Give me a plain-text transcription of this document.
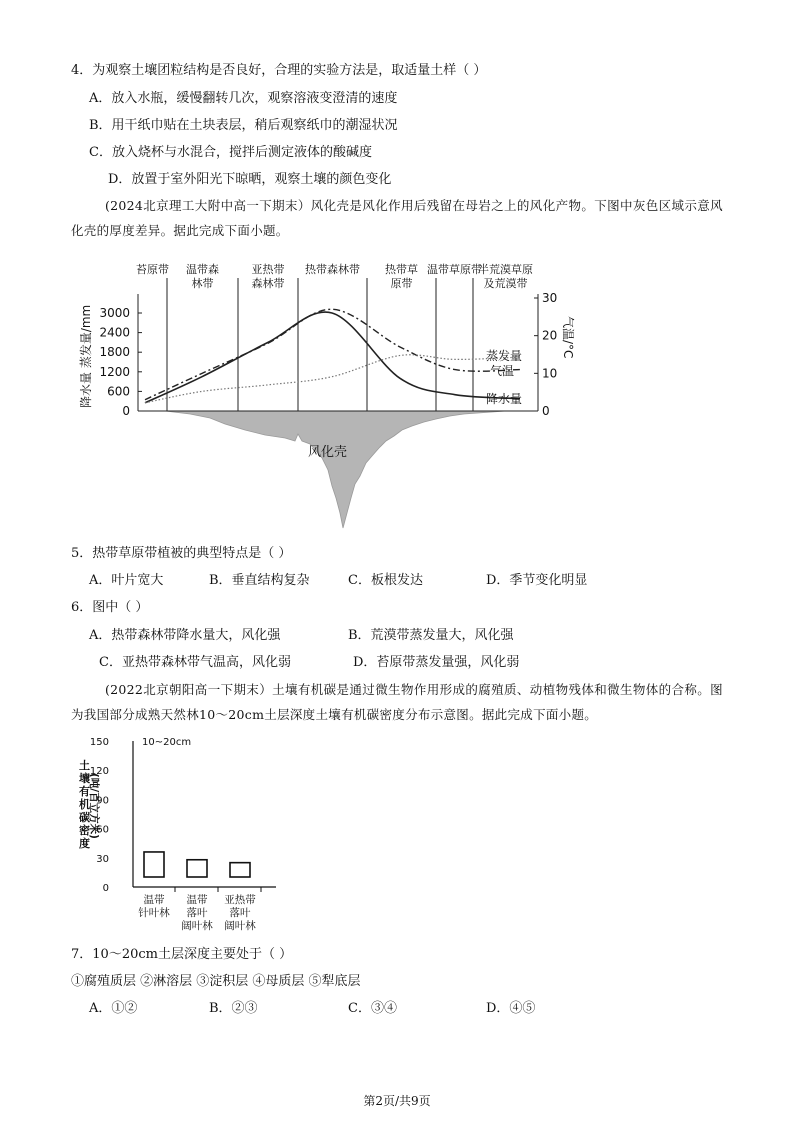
4．为观察土壤团粒结构是否良好，合理的实验方法是，取适量土样（ ）
A．放入水瓶，缓慢翻转几次，观察溶液变澄清的速度
B．用干纸巾贴在土块表层，稍后观察纸巾的潮湿状况
C．放入烧杯与水混合，搅拌后测定液体的酸碱度
D．放置于室外阳光下晾晒，观察土壤的颜色变化
(2024北京理工大附中高一下期末）风化壳是风化作用后残留在母岩之上的风化产物。下图中灰色区域示意风化壳的厚度差异。据此完成下面小题。
苔原带 温带森
林带
亚热带
森林带
热带森林带 热带草
原带
温带草原带
半荒漠草原
及荒漠带
3000
2400
1800
1200
600
0
30
20
10
0
降水量 蒸发量/mm	气温/°C
蒸发量
气温
降水量
风化壳
5．热带草原带植被的典型特点是（ ）
A．叶片宽大	B．垂直结构复杂	C．板根发达	D．季节变化明显
6．图中（ ）
A．热带森林带降水量大，风化强	B．荒漠带蒸发量大，风化强
C．亚热带森林带气温高，风化弱	D．苔原带蒸发量强，风化弱
(2022北京朝阳高一下期末）土壤有机碳是通过微生物作用形成的腐殖质、动植物残体和微生物体的合称。图为我国部分成熟天然林10～20cm土层深度土壤有机碳密度分布示意图。据此完成下面小题。
10~20cm
150
120
90
60
30
0
温带
针叶林
温带
落叶
阔叶林
亚热带
落叶
阔叶林
土壤有机碳密度
(吨/百立方米)
7．10～20cm土层深度主要处于（ ）
①腐殖质层 ②淋溶层 ③淀积层 ④母质层 ⑤犁底层
A．①②	B．②③	C．③④	D．④⑤
第2页/共9页
